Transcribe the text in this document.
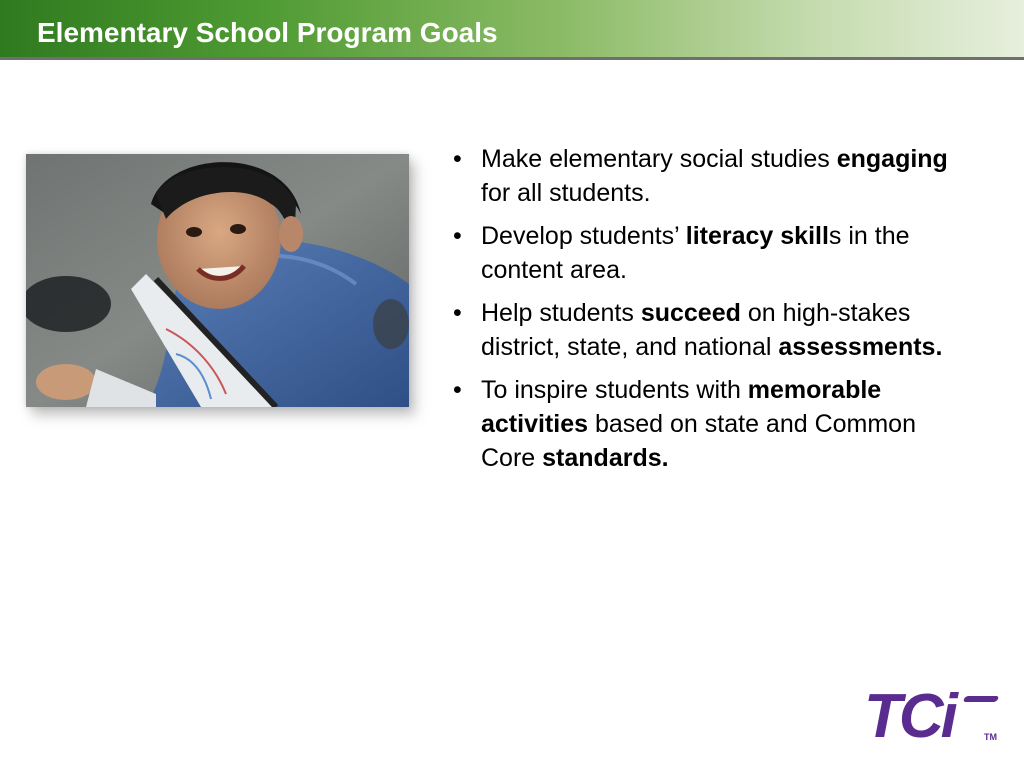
Elementary School Program Goals
• Make elementary social studies engaging for all students.
• Develop students’ literacy skills in the content area.
• Help students succeed on high-stakes district, state, and national assessments.
• To inspire students with memorable activities based on state and Common Core standards.
TCi	TM
